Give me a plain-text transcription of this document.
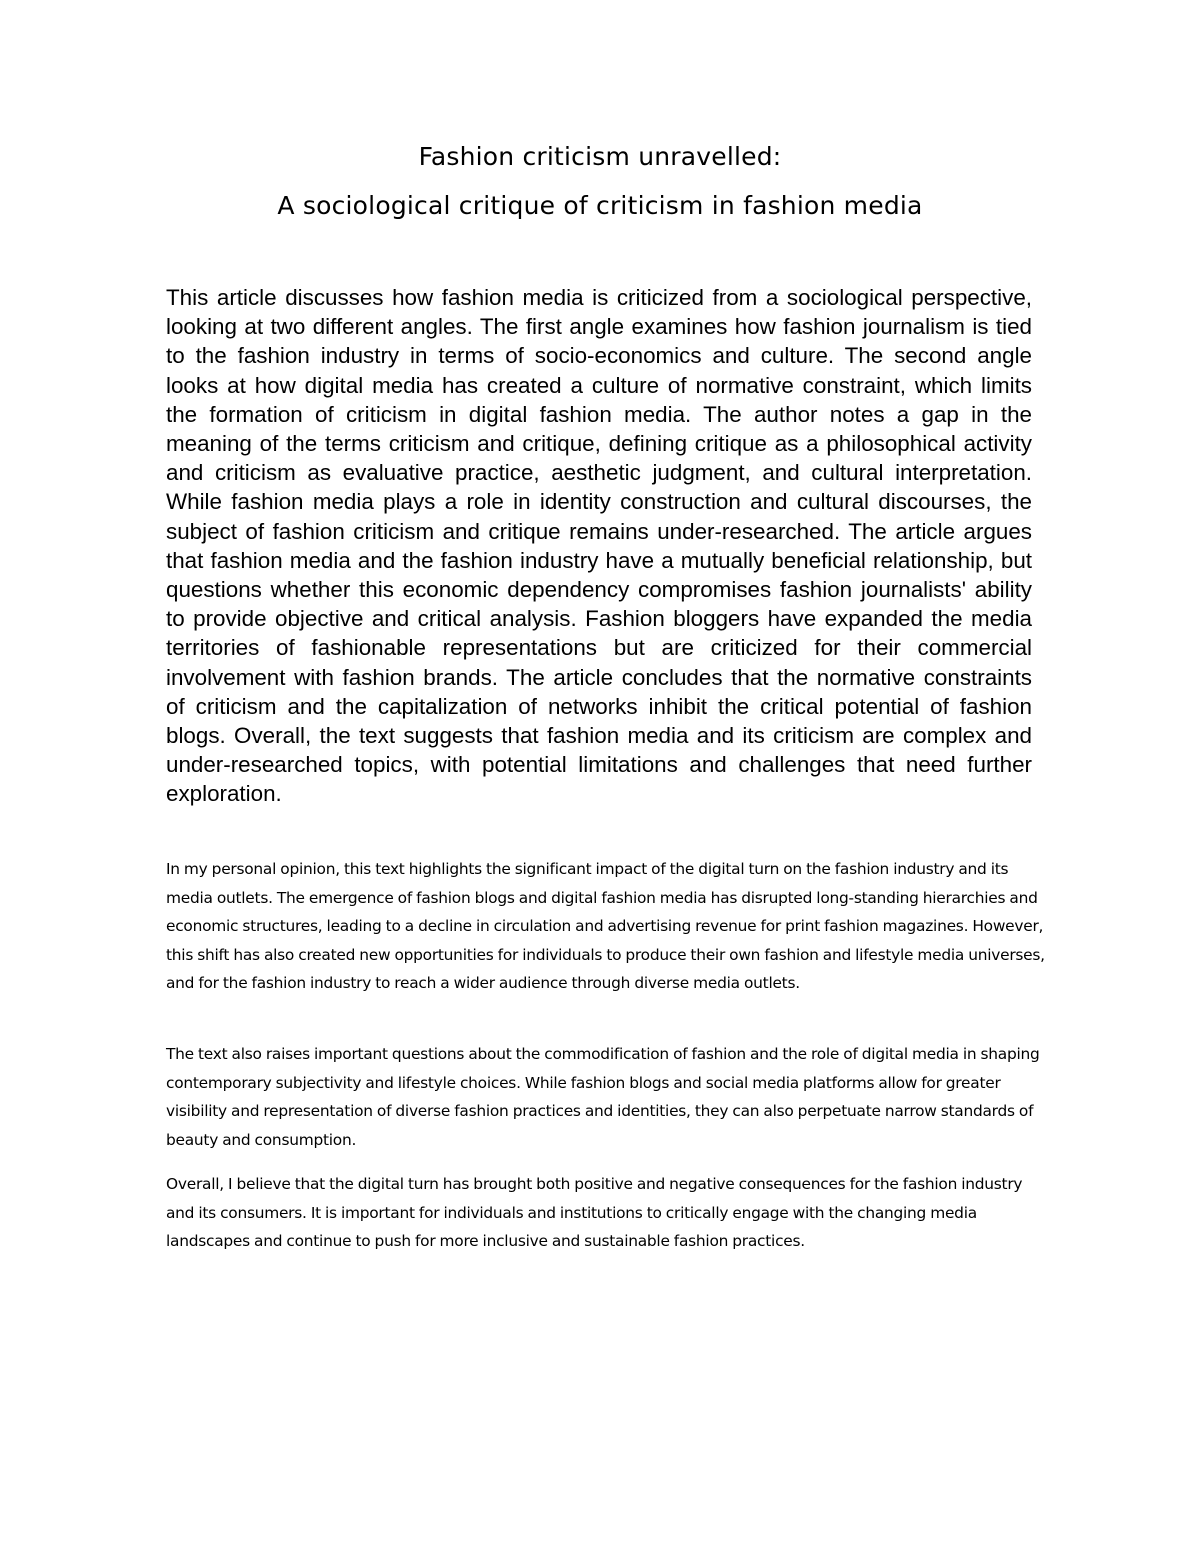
Fashion criticism unravelled:
A sociological critique of criticism in fashion media

This article discusses how fashion media is criticized from a sociological perspective, looking at two different angles. The first angle examines how fashion journalism is tied to the fashion industry in terms of socio-economics and culture. The second angle looks at how digital media has created a culture of normative constraint, which limits the formation of criticism in digital fashion media. The author notes a gap in the meaning of the terms criticism and critique, defining critique as a philosophical activity and criticism as evaluative practice, aesthetic judgment, and cultural interpretation. While fashion media plays a role in identity construction and cultural discourses, the subject of fashion criticism and critique remains under-researched. The article argues that fashion media and the fashion industry have a mutually beneficial relationship, but questions whether this economic dependency compromises fashion journalists' ability to provide objective and critical analysis. Fashion bloggers have expanded the media territories of fashionable representations but are criticized for their commercial involvement with fashion brands. The article concludes that the normative constraints of criticism and the capitalization of networks inhibit the critical potential of fashion blogs. Overall, the text suggests that fashion media and its criticism are complex and under-researched topics, with potential limitations and challenges that need further exploration.

In my personal opinion, this text highlights the significant impact of the digital turn on the fashion industry and its media outlets. The emergence of fashion blogs and digital fashion media has disrupted long-standing hierarchies and economic structures, leading to a decline in circulation and advertising revenue for print fashion magazines. However, this shift has also created new opportunities for individuals to produce their own fashion and lifestyle media universes, and for the fashion industry to reach a wider audience through diverse media outlets.

The text also raises important questions about the commodification of fashion and the role of digital media in shaping contemporary subjectivity and lifestyle choices. While fashion blogs and social media platforms allow for greater visibility and representation of diverse fashion practices and identities, they can also perpetuate narrow standards of beauty and consumption.

Overall, I believe that the digital turn has brought both positive and negative consequences for the fashion industry and its consumers. It is important for individuals and institutions to critically engage with the changing media landscapes and continue to push for more inclusive and sustainable fashion practices.
